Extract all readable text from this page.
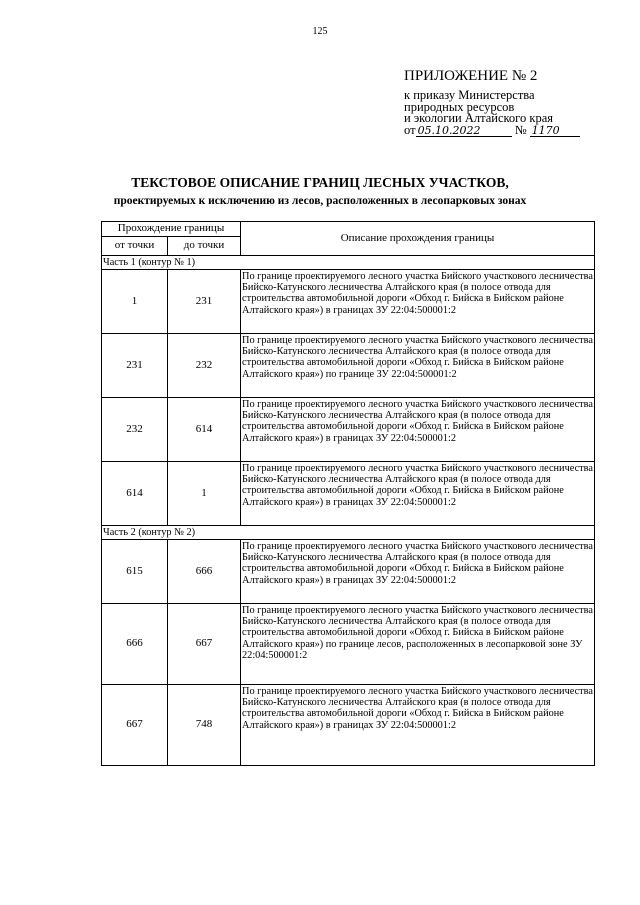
125
ПРИЛОЖЕНИЕ № 2
к приказу Министерства
природных ресурсов
и экологии Алтайского края
от 05.10.2022	№ 1170
ТЕКСТОВОЕ ОПИСАНИЕ ГРАНИЦ ЛЕСНЫХ УЧАСТКОВ,
проектируемых к исключению из лесов, расположенных в лесопарковых зонах
Прохождение границы		Описание прохождения границы
от точки	до точки	
Часть 1 (контур № 1)		
1	231	По границе проектируемого лесного участка Бийского участкового лесничества Бийско-Катунского лесничества Алтайского края (в полосе отвода для строительства автомобильной дороги «Обход г. Бийска в Бийском районе Алтайского края») в границах ЗУ 22:04:500001:2
231	232	По границе проектируемого лесного участка Бийского участкового лесничества Бийско-Катунского лесничества Алтайского края (в полосе отвода для строительства автомобильной дороги «Обход г. Бийска в Бийском районе Алтайского края») по границе ЗУ 22:04:500001:2
232	614	По границе проектируемого лесного участка Бийского участкового лесничества Бийско-Катунского лесничества Алтайского края (в полосе отвода для строительства автомобильной дороги «Обход г. Бийска в Бийском районе Алтайского края») в границах ЗУ 22:04:500001:2
614	1	По границе проектируемого лесного участка Бийского участкового лесничества Бийско-Катунского лесничества Алтайского края (в полосе отвода для строительства автомобильной дороги «Обход г. Бийска в Бийском районе Алтайского края») в границах ЗУ 22:04:500001:2
Часть 2 (контур № 2)		
615	666	По границе проектируемого лесного участка Бийского участкового лесничества Бийско-Катунского лесничества Алтайского края (в полосе отвода для строительства автомобильной дороги «Обход г. Бийска в Бийском районе Алтайского края») в границах ЗУ 22:04:500001:2
666	667	По границе проектируемого лесного участка Бийского участкового лесничества Бийско-Катунского лесничества Алтайского края (в полосе отвода для строительства автомобильной дороги «Обход г. Бийска в Бийском районе Алтайского края») по границе лесов, расположенных в лесопарковой зоне ЗУ 22:04:500001:2
667	748	По границе проектируемого лесного участка Бийского участкового лесничества Бийско-Катунского лесничества Алтайского края (в полосе отвода для строительства автомобильной дороги «Обход г. Бийска в Бийском районе Алтайского края») в границах ЗУ 22:04:500001:2
